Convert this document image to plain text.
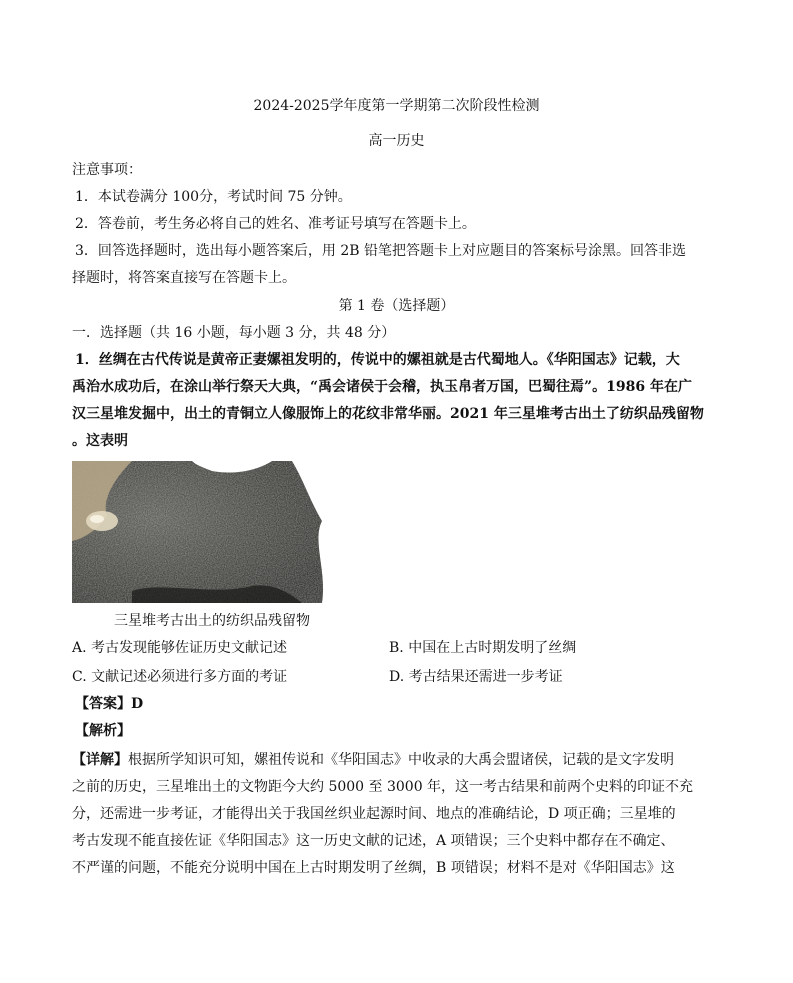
2024-2025学年度第一学期第二次阶段性检测
高一历史
注意事项：
1．本试卷满分 100分，考试时间 75 分钟。
2．答卷前，考生务必将自己的姓名、准考证号填写在答题卡上。
3．回答选择题时，选出每小题答案后，用 2B 铅笔把答题卡上对应题目的答案标号涂黑。回答非选
择题时，将答案直接写在答题卡上。
第 1 卷（选择题）
一．选择题（共 16 小题，每小题 3 分，共 48 分）
1．丝绸在古代传说是黄帝正妻嫘祖发明的，传说中的嫘祖就是古代蜀地人。《华阳国志》记载，大
禹治水成功后，在涂山举行祭天大典，“禹会诸侯于会稽，执玉帛者万国，巴蜀往焉”。1986 年在广
汉三星堆发掘中，出土的青铜立人像服饰上的花纹非常华丽。2021 年三星堆考古出土了纺织品残留物
。这表明
三星堆考古出土的纺织品残留物
A. 考古发现能够佐证历史文献记述	B. 中国在上古时期发明了丝绸
C. 文献记述必须进行多方面的考证	D. 考古结果还需进一步考证
【答案】D
【解析】
【详解】根据所学知识可知，嫘祖传说和《华阳国志》中收录的大禹会盟诸侯，记载的是文字发明
之前的历史，三星堆出土的文物距今大约 5000 至 3000 年，这一考古结果和前两个史料的印证不充
分，还需进一步考证，才能得出关于我国丝织业起源时间、地点的准确结论，D 项正确；三星堆的
考古发现不能直接佐证《华阳国志》这一历史文献的记述，A 项错误；三个史料中都存在不确定、
不严谨的问题，不能充分说明中国在上古时期发明了丝绸，B 项错误；材料不是对《华阳国志》这
